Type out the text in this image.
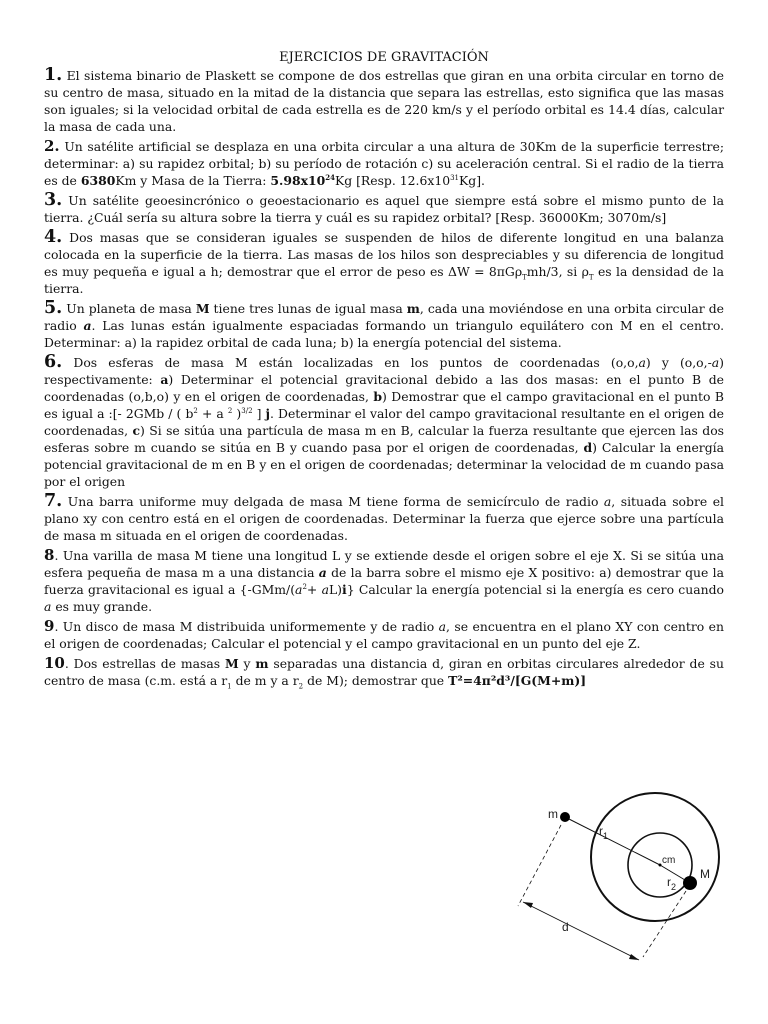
EJERCICIOS DE GRAVITACIÓN

1. El sistema binario de Plaskett se compone de dos estrellas que giran en una orbita circular en torno de su centro de masa, situado en la mitad de la distancia que separa las estrellas, esto significa que las masas son iguales; si la velocidad orbital de cada estrella es de 220 km/s y el período orbital es 14.4 días, calcular la masa de cada una.

2. Un satélite artificial se desplaza en una orbita circular a una altura de 30Km de la superficie terrestre; determinar: a) su rapidez orbital; b) su período de rotación c) su aceleración central. Si el radio de la tierra es de 6380Km y Masa de la Tierra: $5.98x10^{24}Kg$ [Resp. $12.6x10^{31}Kg$].

3. Un satélite geoesincrónico o geoestacionario es aquel que siempre está sobre el mismo punto de la tierra. ¿Cuál sería su altura sobre la tierra y cuál es su rapidez orbital? [Resp. 36000Km; 3070m/s]

4. Dos masas que se consideran iguales se suspenden de hilos de diferente longitud en una balanza colocada en la superficie de la tierra. Las masas de los hilos son despreciables y su diferencia de longitud es muy pequeña e igual a h; demostrar que el error de peso es ΔW = 8πGρ$_T$mh/3, si $\rho_T$ es la densidad de la tierra.

5. Un planeta de masa M tiene tres lunas de igual masa m, cada una moviéndose en una orbita circular de radio a. Las lunas están igualmente espaciadas formando un triangulo equilátero con M en el centro. Determinar: a) la rapidez orbital de cada luna; b) la energía potencial del sistema.

6. Dos esferas de masa M están localizadas en los puntos de coordenadas (o,o,a) y (o,o,-a) respectivamente: a) Determinar el potencial gravitacional debido a las dos masas: en el punto B de coordenadas (o,b,o) y en el origen de coordenadas, b) Demostrar que el campo gravitacional en el punto B es igual a :[- 2GMb / ( $b^2 + a$ $^2$ )$^{3/2}$ ] j. Determinar el valor del campo gravitacional resultante en el origen de coordenadas, c) Si se sitúa una partícula de masa m en B, calcular la fuerza resultante que ejercen las dos esferas sobre m cuando se sitúa en B y cuando pasa por el origen de coordenadas, d) Calcular la energía potencial gravitacional de m en B y en el origen de coordenadas; determinar la velocidad de m cuando pasa por el origen

7. Una barra uniforme muy delgada de masa M tiene forma de semicírculo de radio a, situada sobre el plano xy con centro está en el origen de coordenadas. Determinar la fuerza que ejerce sobre una partícula de masa m situada en el origen de coordenadas.

8. Una varilla de masa M tiene una longitud L y se extiende desde el origen sobre el eje X. Si se sitúa una esfera pequeña de masa m a una distancia a de la barra sobre el mismo eje X positivo: a) demostrar que la fuerza gravitacional es igual a $\{-GMm/(a^2+ aL)i\}$ Calcular la energía potencial si la energía es cero cuando a es muy grande.

9. Un disco de masa M distribuida uniformemente y de radio a, se encuentra en el plano XY con centro en el origen de coordenadas; Calcular el potencial y el campo gravitacional en un punto del eje Z.

10. Dos estrellas de masas M y m separadas una distancia d, giran en orbitas circulares alrededor de su centro de masa (c.m. está a $r_1$ de m y a $r_2$ de M); demostrar que T²=4π²d³/[G(M+m)]

m
M
cm
$r_1$
$r_2$
d
